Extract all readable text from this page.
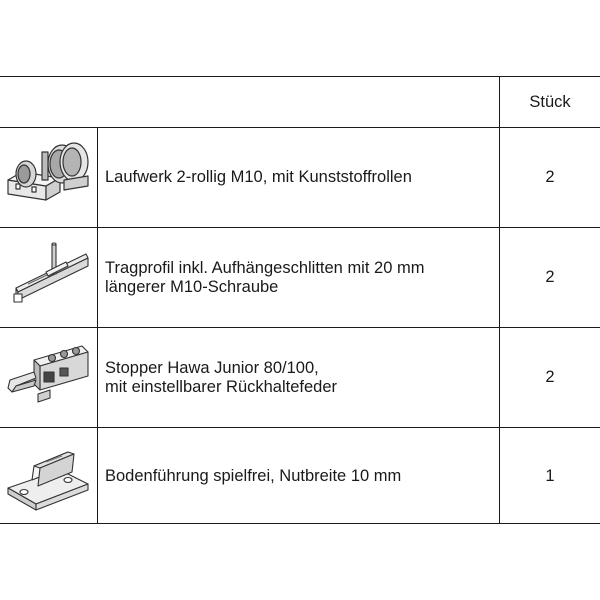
Stück
Laufwerk 2-rollig M10, mit Kunststoffrollen	2
Tragprofil inkl. Aufhängeschlitten mit 20 mm
längerer M10-Schraube
2
Stopper Hawa Junior 80/100,
mit einstellbarer Rückhaltefeder
2
Bodenführung spielfrei, Nutbreite 10 mm	1
